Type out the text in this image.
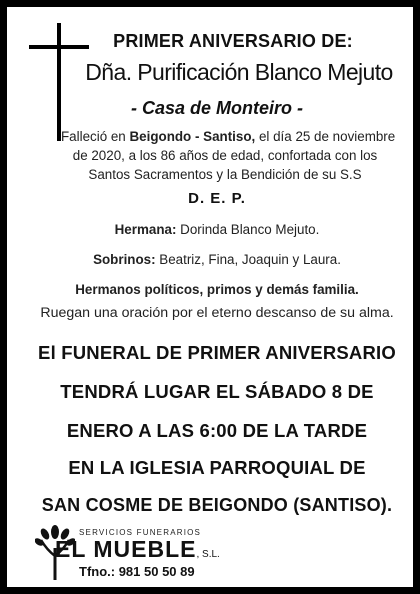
PRIMER ANIVERSARIO DE:
Dña. Purificación Blanco Mejuto
- Casa de Monteiro -
Falleció en Beigondo - Santiso, el día 25 de noviembre
de 2020, a los 86 años de edad, confortada con los
Santos Sacramentos y la Bendición de su S.S
D. E. P.
Hermana: Dorinda Blanco Mejuto.
Sobrinos: Beatriz, Fina, Joaquin y Laura.
Hermanos políticos, primos y demás familia.
Ruegan una oración por el eterno descanso de su alma.
El FUNERAL DE PRIMER ANIVERSARIO
TENDRÁ LUGAR EL SÁBADO 8 DE
ENERO A LAS 6:00 DE LA TARDE
EN LA IGLESIA PARROQUIAL DE
SAN COSME DE BEIGONDO (SANTISO).
SERVICIOS FUNERARIOS
EL MUEBLE, S.L.
Tfno.: 981 50 50 89
